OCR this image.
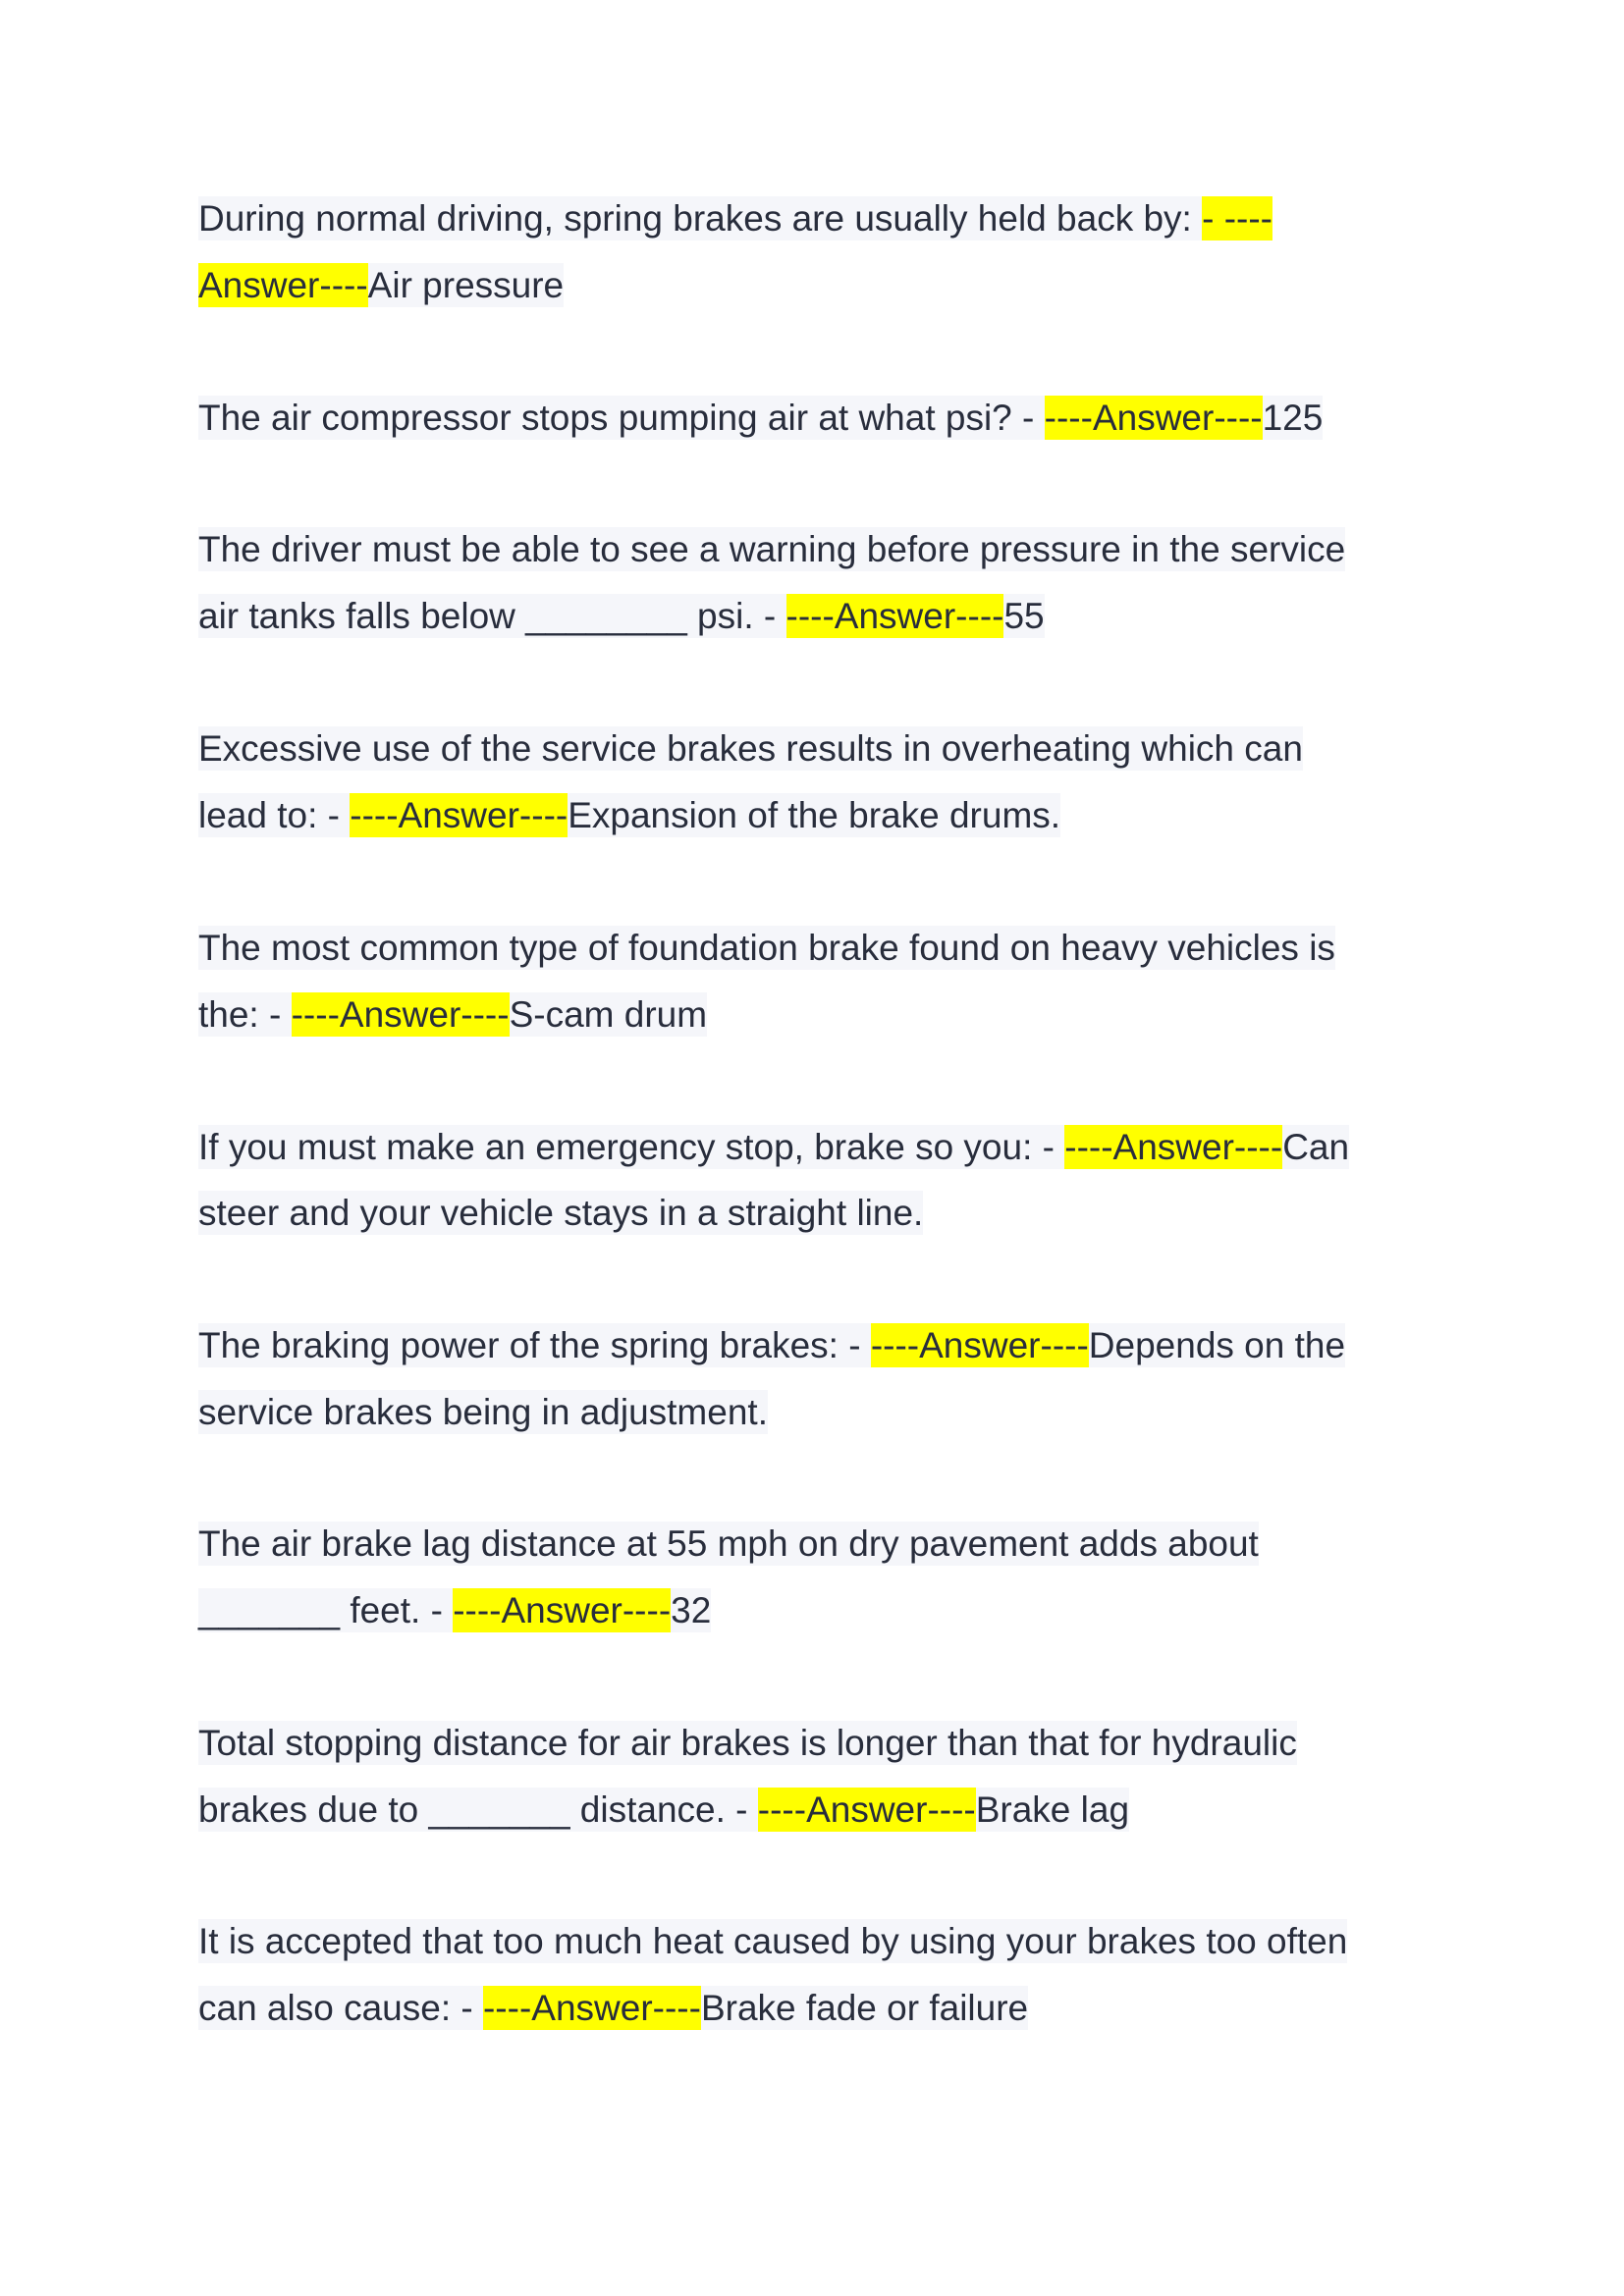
During normal driving, spring brakes are usually held back by: - ----
Answer----Air pressure
The air compressor stops pumping air at what psi? - ----Answer----125
The driver must be able to see a warning before pressure in the service
air tanks falls below ________ psi. - ----Answer----55
Excessive use of the service brakes results in overheating which can
lead to: - ----Answer----Expansion of the brake drums.
The most common type of foundation brake found on heavy vehicles is
the: - ----Answer----S-cam drum
If you must make an emergency stop, brake so you: - ----Answer----Can
steer and your vehicle stays in a straight line.
The braking power of the spring brakes: - ----Answer----Depends on the
service brakes being in adjustment.
The air brake lag distance at 55 mph on dry pavement adds about
_______ feet. - ----Answer----32
Total stopping distance for air brakes is longer than that for hydraulic
brakes due to _______ distance. - ----Answer----Brake lag
It is accepted that too much heat caused by using your brakes too often
can also cause: - ----Answer----Brake fade or failure
